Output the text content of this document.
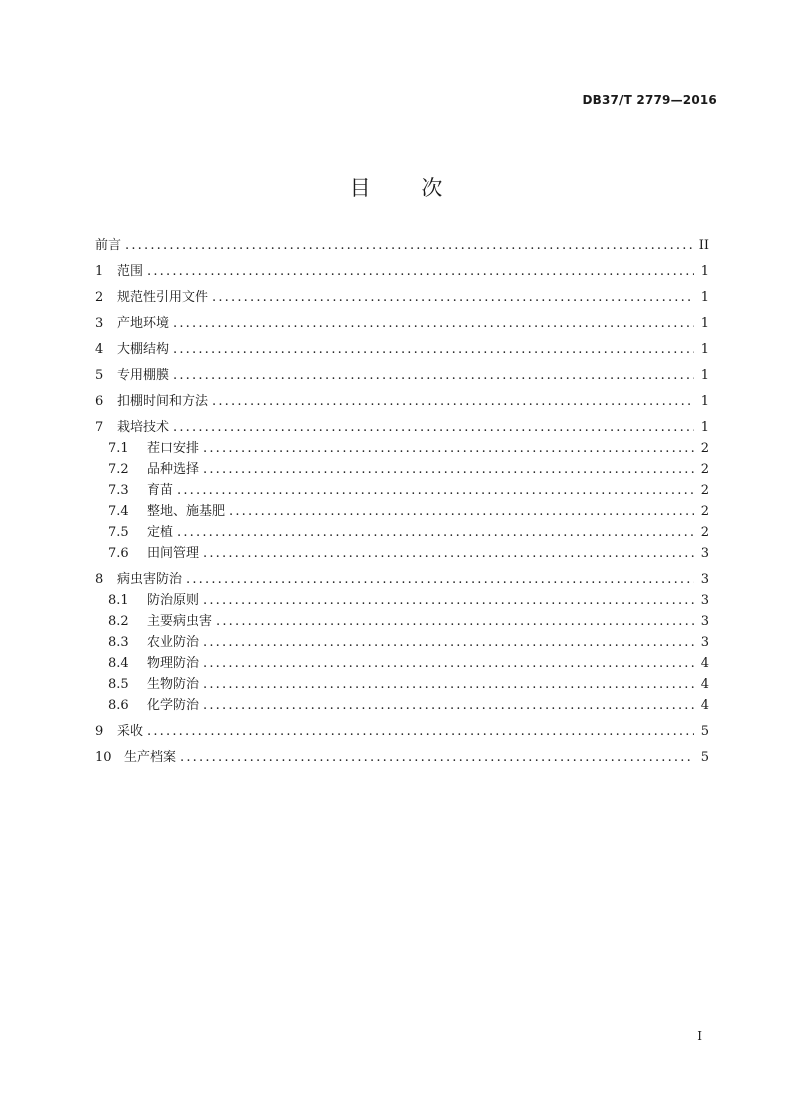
DB37/T 2779—2016
目 次
前言 .....	II
1	范围 .....	1
2	规范性引用文件 .....	1
3	产地环境 .....	1
4	大棚结构 .....	1
5	专用棚膜 .....	1
6	扣棚时间和方法 .....	1
7	栽培技术 .....	1
7.1	茬口安排 .....	2
7.2	品种选择 .....	2
7.3	育苗 .....	2
7.4	整地、施基肥 .....	2
7.5	定植 .....	2
7.6	田间管理 .....	3
8	病虫害防治 .....	3
8.1	防治原则 .....	3
8.2	主要病虫害 .....	3
8.3	农业防治 .....	3
8.4	物理防治 .....	4
8.5	生物防治 .....	4
8.6	化学防治 .....	4
9	采收 .....	5
10 生产档案 .....	5
I
